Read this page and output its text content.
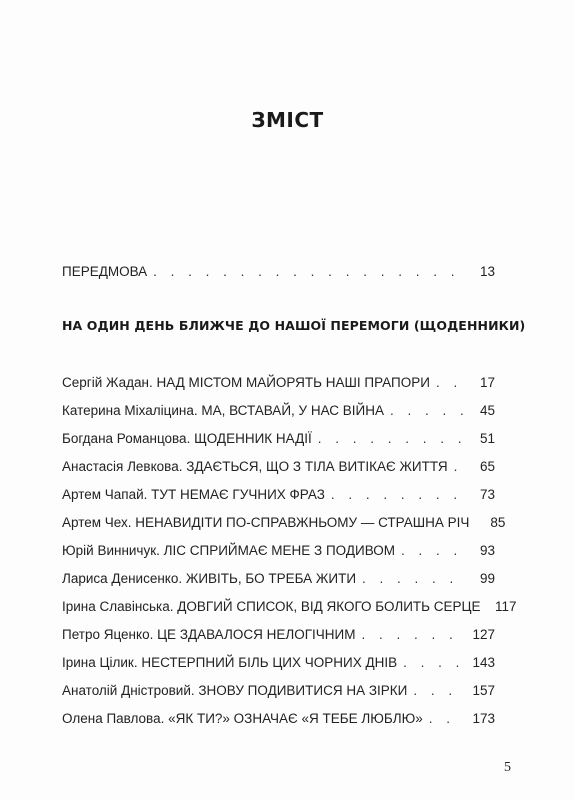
ЗМІСТ
ПЕРЕДМОВА . . .	13
НА ОДИН ДЕНЬ БЛИЖЧЕ ДО НАШОЇ ПЕРЕМОГИ (ЩОДЕННИКИ)
Сергій Жадан. НАД МІСТОМ МАЙОРЯТЬ НАШІ ПРАПОРИ . . .	17
Катерина Міхаліцина. МА, ВСТАВАЙ, У НАС ВІЙНА . . .	45
Богдана Романцова. ЩОДЕННИК НАДІЇ . . .	51
Анастасія Левкова. ЗДАЄТЬСЯ, ЩО З ТІЛА ВИТІКАЄ ЖИТТЯ . . .	65
Артем Чапай. ТУТ НЕМАЄ ГУЧНИХ ФРАЗ . . .	73
Артем Чех. НЕНАВИДІТИ ПО-СПРАВЖНЬОМУ — СТРАШНА РІЧ	85
Юрій Винничук. ЛІС СПРИЙМАЄ МЕНЕ З ПОДИВОМ . . .	93
Лариса Денисенко. ЖИВІТЬ, БО ТРЕБА ЖИТИ . . .	99
Ірина Славінська. ДОВГИЙ СПИСОК, ВІД ЯКОГО БОЛИТЬ СЕРЦЕ	117
Петро Яценко. ЦЕ ЗДАВАЛОСЯ НЕЛОГІЧНИМ . . .	127
Ірина Цілик. НЕСТЕРПНИЙ БІЛЬ ЦИХ ЧОРНИХ ДНІВ . . .	143
Анатолій Дністровий. ЗНОВУ ПОДИВИТИСЯ НА ЗІРКИ . . .	157
Олена Павлова. «ЯК ТИ?» ОЗНАЧАЄ «Я ТЕБЕ ЛЮБЛЮ» . . .	173
5
